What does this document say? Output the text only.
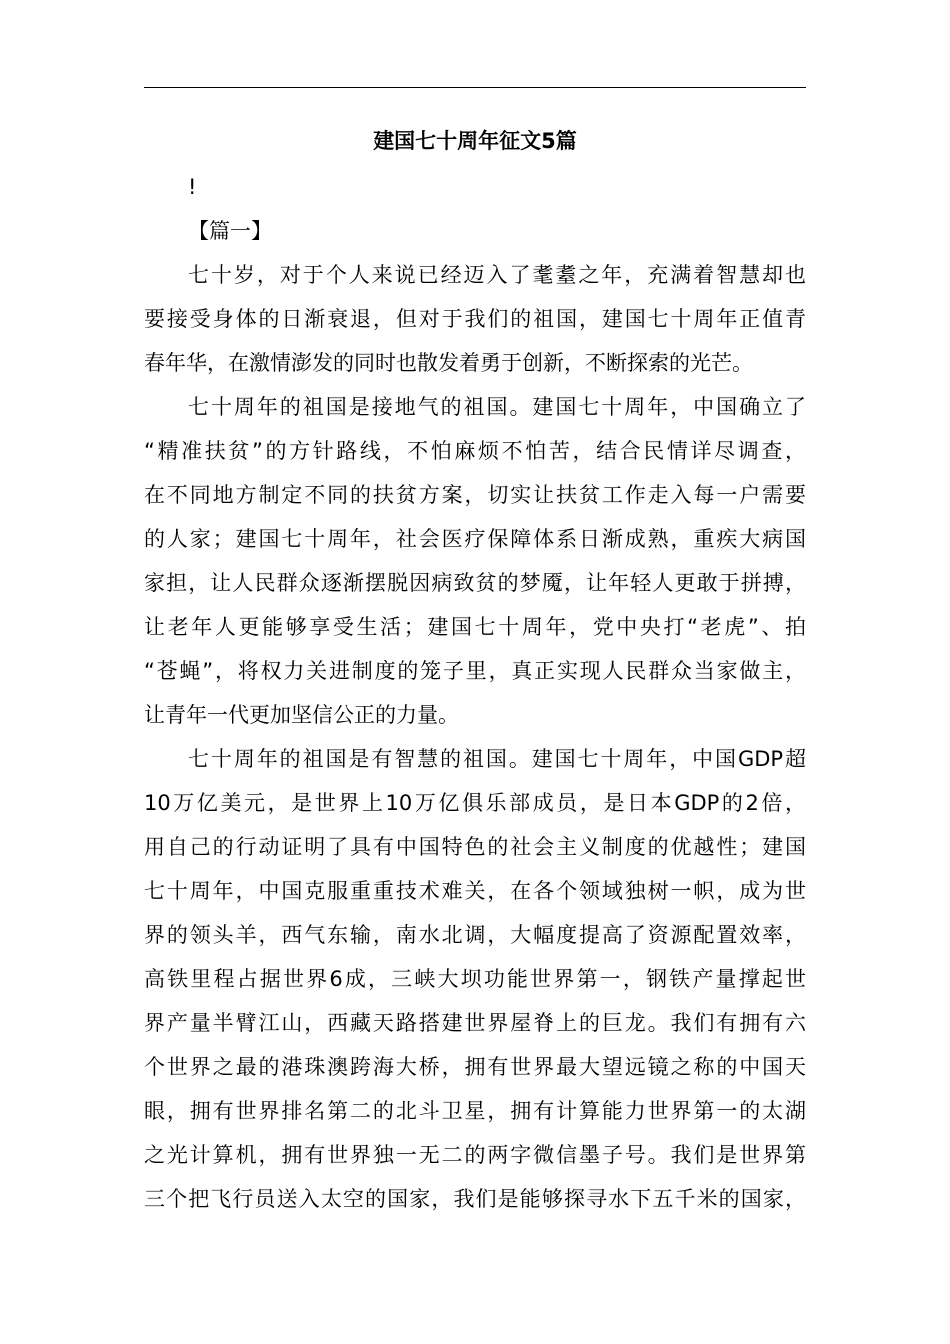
建国七十周年征文5篇
!
【篇一】
七十岁，对于个人来说已经迈入了耄耋之年，充满着智慧却也
要接受身体的日渐衰退，但对于我们的祖国，建国七十周年正值青
春年华，在激情澎发的同时也散发着勇于创新，不断探索的光芒。
七十周年的祖国是接地气的祖国。建国七十周年，中国确立了
“精准扶贫”的方针路线，不怕麻烦不怕苦，结合民情详尽调查，
在不同地方制定不同的扶贫方案，切实让扶贫工作走入每一户需要
的人家；建国七十周年，社会医疗保障体系日渐成熟，重疾大病国
家担，让人民群众逐渐摆脱因病致贫的梦魇，让年轻人更敢于拼搏，
让老年人更能够享受生活；建国七十周年，党中央打“老虎”、拍
“苍蝇”，将权力关进制度的笼子里，真正实现人民群众当家做主，
让青年一代更加坚信公正的力量。
七十周年的祖国是有智慧的祖国。建国七十周年，中国GDP超
10万亿美元，是世界上10万亿俱乐部成员，是日本GDP的2倍，
用自己的行动证明了具有中国特色的社会主义制度的优越性；建国
七十周年，中国克服重重技术难关，在各个领域独树一帜，成为世
界的领头羊，西气东输，南水北调，大幅度提高了资源配置效率，
高铁里程占据世界6成，三峡大坝功能世界第一，钢铁产量撑起世
界产量半臂江山，西藏天路搭建世界屋脊上的巨龙。我们有拥有六
个世界之最的港珠澳跨海大桥，拥有世界最大望远镜之称的中国天
眼，拥有世界排名第二的北斗卫星，拥有计算能力世界第一的太湖
之光计算机，拥有世界独一无二的两字微信墨子号。我们是世界第
三个把飞行员送入太空的国家，我们是能够探寻水下五千米的国家，
